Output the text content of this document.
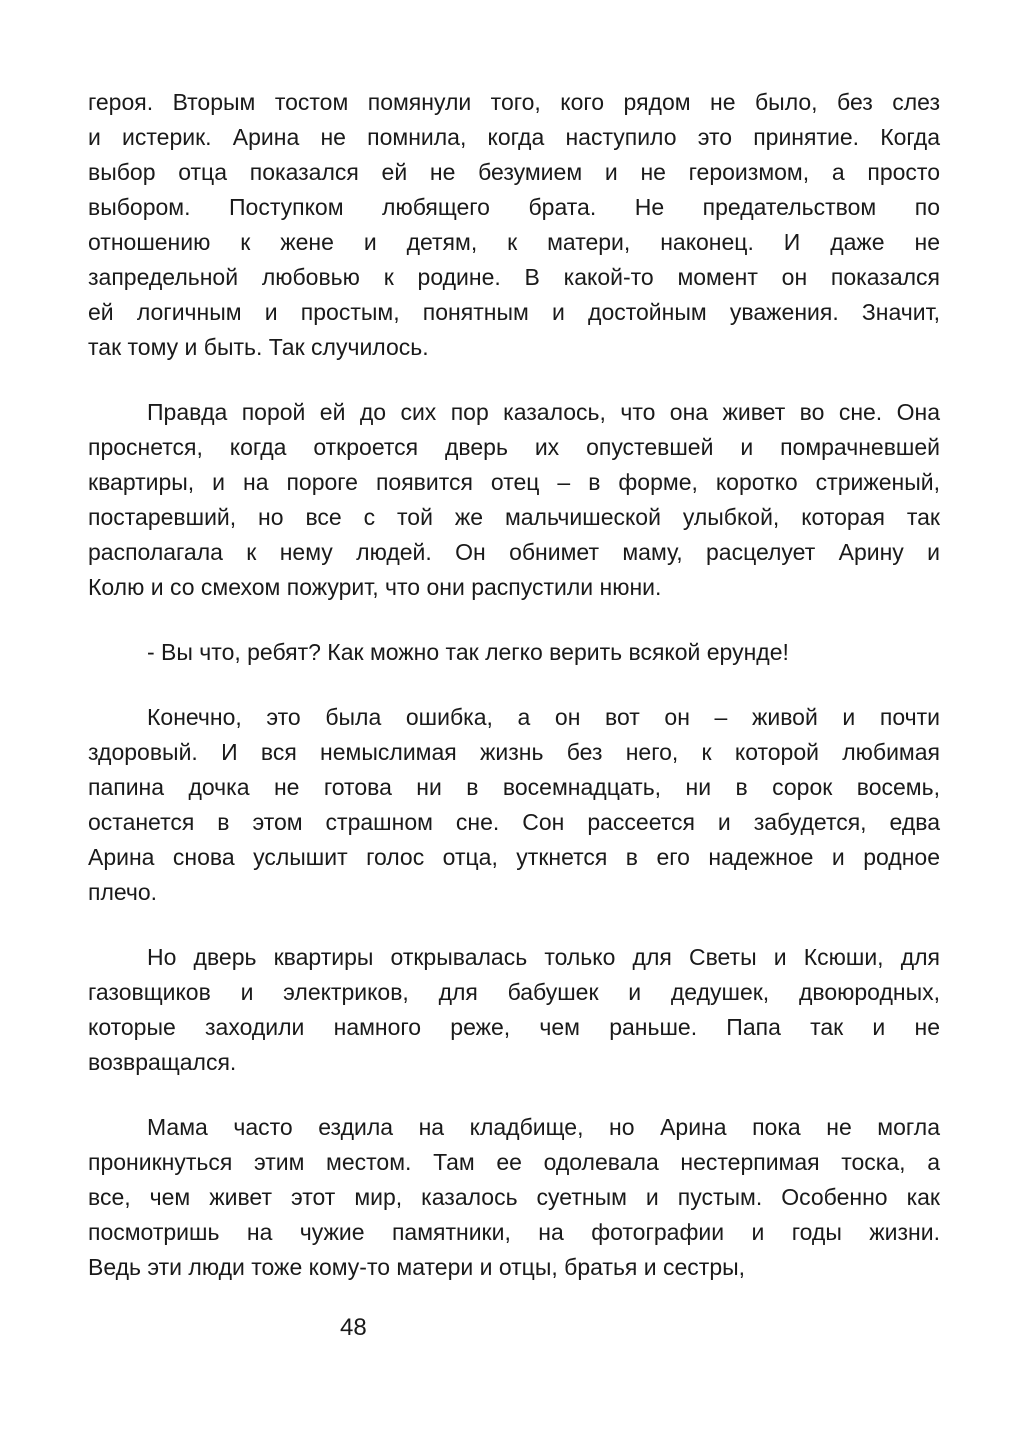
героя. Вторым тостом помянули того, кого рядом не было, без слез
и истерик. Арина не помнила, когда наступило это принятие. Когда
выбор отца показался ей не безумием и не героизмом, а просто
выбором. Поступком любящего брата. Не предательством по
отношению к жене и детям, к матери, наконец. И даже не
запредельной любовью к родине. В какой-то момент он показался
ей логичным и простым, понятным и достойным уважения. Значит,
так тому и быть. Так случилось.
Правда порой ей до сих пор казалось, что она живет во сне. Она
проснется, когда откроется дверь их опустевшей и помрачневшей
квартиры, и на пороге появится отец – в форме, коротко стриженый,
постаревший, но все с той же мальчишеской улыбкой, которая так
располагала к нему людей. Он обнимет маму, расцелует Арину и
Колю и со смехом пожурит, что они распустили нюни.
- Вы что, ребят? Как можно так легко верить всякой ерунде!
Конечно, это была ошибка, а он вот он – живой и почти
здоровый. И вся немыслимая жизнь без него, к которой любимая
папина дочка не готова ни в восемнадцать, ни в сорок восемь,
останется в этом страшном сне. Сон рассеется и забудется, едва
Арина снова услышит голос отца, уткнется в его надежное и родное
плечо.
Но дверь квартиры открывалась только для Светы и Ксюши, для
газовщиков и электриков, для бабушек и дедушек, двоюродных,
которые заходили намного реже, чем раньше. Папа так и не
возвращался.
Мама часто ездила на кладбище, но Арина пока не могла
проникнуться этим местом. Там ее одолевала нестерпимая тоска, а
все, чем живет этот мир, казалось суетным и пустым. Особенно как
посмотришь на чужие памятники, на фотографии и годы жизни.
Ведь эти люди тоже кому-то матери и отцы, братья и сестры,
48
